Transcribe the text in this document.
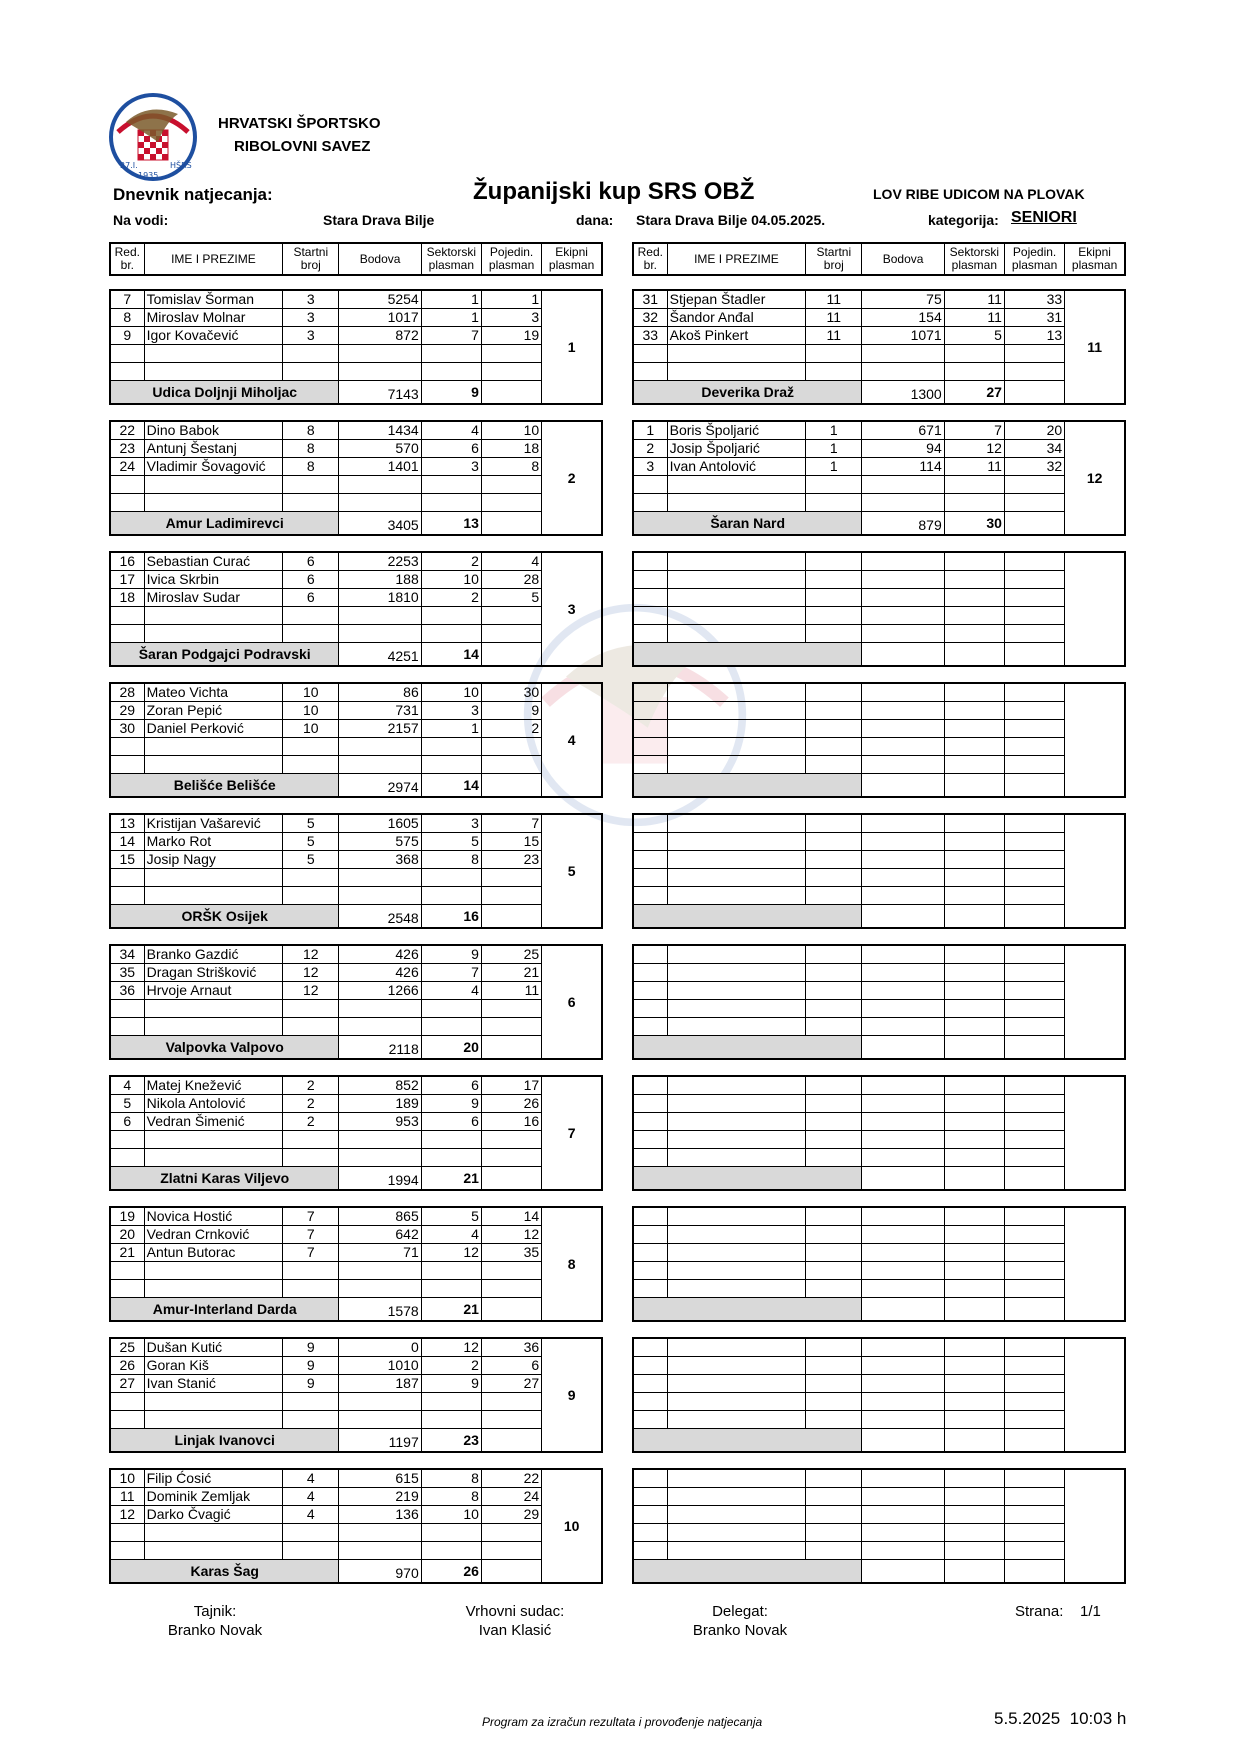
27.I.
1935.
HŠRS
HRVATSKI ŠPORTSKO
RIBOLOVNI SAVEZ
Dnevnik natjecanja:	Županijski kup SRS OBŽ	LOV RIBE UDICOM NA PLOVAK
Na vodi:	Stara Drava Bilje	dana: Stara Drava Bilje 04.05.2025.	kategorija: SENIORI
Red. br.	IME I PREZIME	Startni broj	Bodova	Sektorski plasman	Pojedin. plasman	Ekipni plasman
Red. br.	IME I PREZIME	Startni broj	Bodova	Sektorski plasman	Pojedin. plasman	Ekipni plasman
7	Tomislav Šorman	3	5254	1	1	1
8	Miroslav Molnar	3	1017	1	3	
9	Igor Kovačević	3	872	7	19	

Udica Doljnji Miholjac			7143	9		
22	Dino Babok	8	1434	4	10	2
23	Antunj Šestanj	8	570	6	18	
24	Vladimir Šovagović	8	1401	3	8	

Amur Ladimirevci			3405	13		
16	Sebastian Curać	6	2253	2	4	3
17	Ivica Skrbin	6	188	10	28	
18	Miroslav Sudar	6	1810	2	5	

Šaran Podgajci Podravski			4251	14		
28	Mateo Vichta	10	86	10	30	4
29	Zoran Pepić	10	731	3	9	
30	Daniel Perković	10	2157	1	2	

Belišće Belišće			2974	14		
13	Kristijan Vašarević	5	1605	3	7	5
14	Marko Rot	5	575	5	15	
15	Josip Nagy	5	368	8	23	

ORŠK Osijek			2548	16		
34	Branko Gazdić	12	426	9	25	6
35	Dragan Strišković	12	426	7	21	
36	Hrvoje Arnaut	12	1266	4	11	

Valpovka Valpovo			2118	20		
4	Matej Knežević	2	852	6	17	7
5	Nikola Antolović	2	189	9	26	
6	Vedran Šimenić	2	953	6	16	

Zlatni Karas Viljevo			1994	21		
19	Novica Hostić	7	865	5	14	8
20	Vedran Crnković	7	642	4	12	
21	Antun Butorac	7	71	12	35	

Amur-Interland Darda			1578	21		
25	Dušan Kutić	9	0	12	36	9
26	Goran Kiš	9	1010	2	6	
27	Ivan Stanić	9	187	9	27	

Linjak Ivanovci			1197	23		
10	Filip Ćosić	4	615	8	22	10
11	Dominik Zemljak	4	219	8	24	
12	Darko Čvagić	4	136	10	29	

Karas Šag			970	26		
31	Stjepan Štadler	11	75	11	33	11
32	Šandor Anđal	11	154	11	31	
33	Akoš Pinkert	11	1071	5	13	

Deverika Draž			1300	27		
1	Boris Špoljarić	1	671	7	20	12
2	Josip Špoljarić	1	94	12	34	
3	Ivan Antolović	1	114	11	32	

Šaran Nard			879	30		

Tajnik:
Branko Novak
Vrhovni sudac:
Ivan Klasić
Delegat:
Branko Novak
Strana: 1/1
Program za izračun rezultata i provođenje natjecanja	5.5.2025  10:03 h
